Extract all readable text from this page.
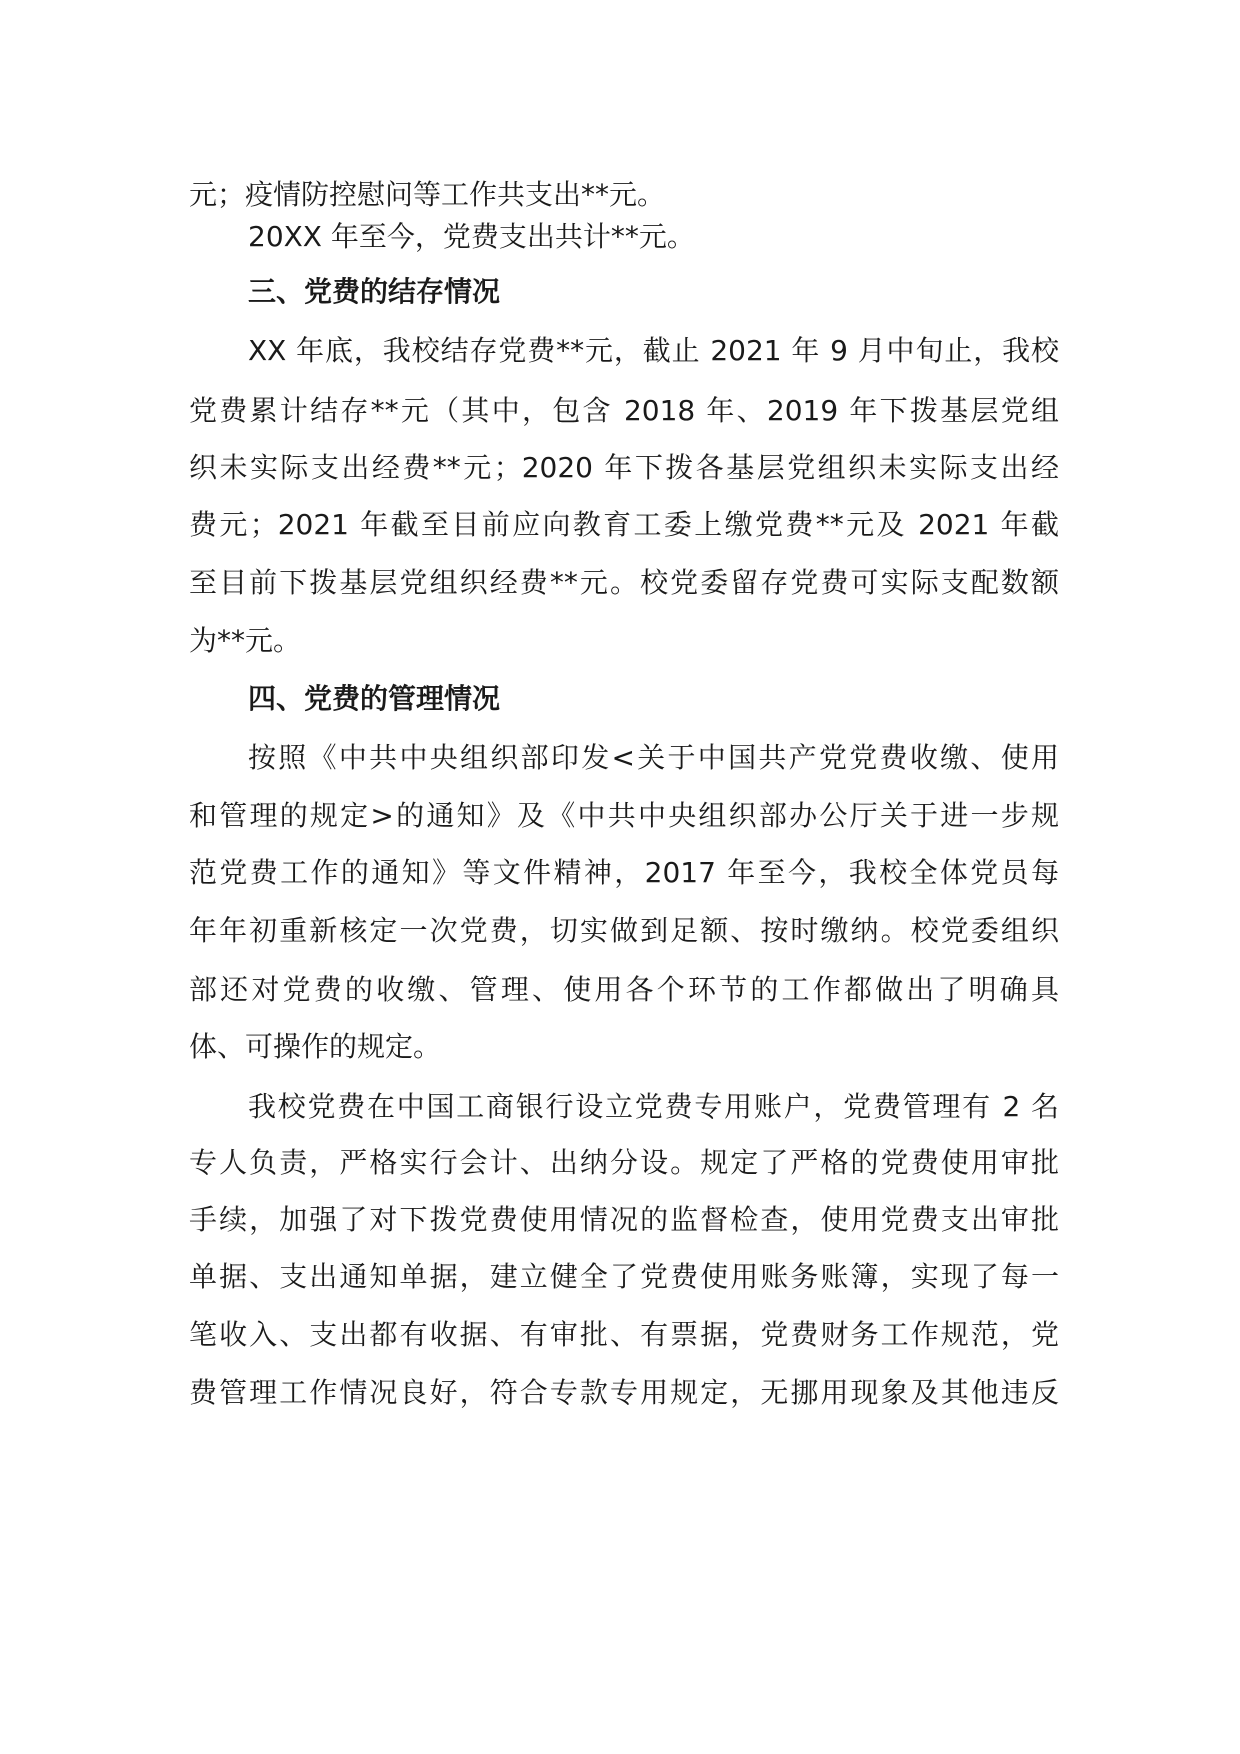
元；疫情防控慰问等工作共支出**元。
20XX 年至今，党费支出共计**元。
三、党费的结存情况
XX 年底，我校结存党费**元，截止 2021 年 9 月中旬止，我校
党费累计结存**元（其中，包含 2018 年、2019 年下拨基层党组
织未实际支出经费**元；2020 年下拨各基层党组织未实际支出经
费元；2021 年截至目前应向教育工委上缴党费**元及 2021 年截
至目前下拨基层党组织经费**元。校党委留存党费可实际支配数额
为**元。
四、党费的管理情况
按照《中共中央组织部印发<关于中国共产党党费收缴、使用
和管理的规定>的通知》及《中共中央组织部办公厅关于进一步规
范党费工作的通知》等文件精神，2017 年至今，我校全体党员每
年年初重新核定一次党费，切实做到足额、按时缴纳。校党委组织
部还对党费的收缴、管理、使用各个环节的工作都做出了明确具
体、可操作的规定。
我校党费在中国工商银行设立党费专用账户，党费管理有 2 名
专人负责，严格实行会计、出纳分设。规定了严格的党费使用审批
手续，加强了对下拨党费使用情况的监督检查，使用党费支出审批
单据、支出通知单据，建立健全了党费使用账务账簿，实现了每一
笔收入、支出都有收据、有审批、有票据，党费财务工作规范，党
费管理工作情况良好，符合专款专用规定，无挪用现象及其他违反
